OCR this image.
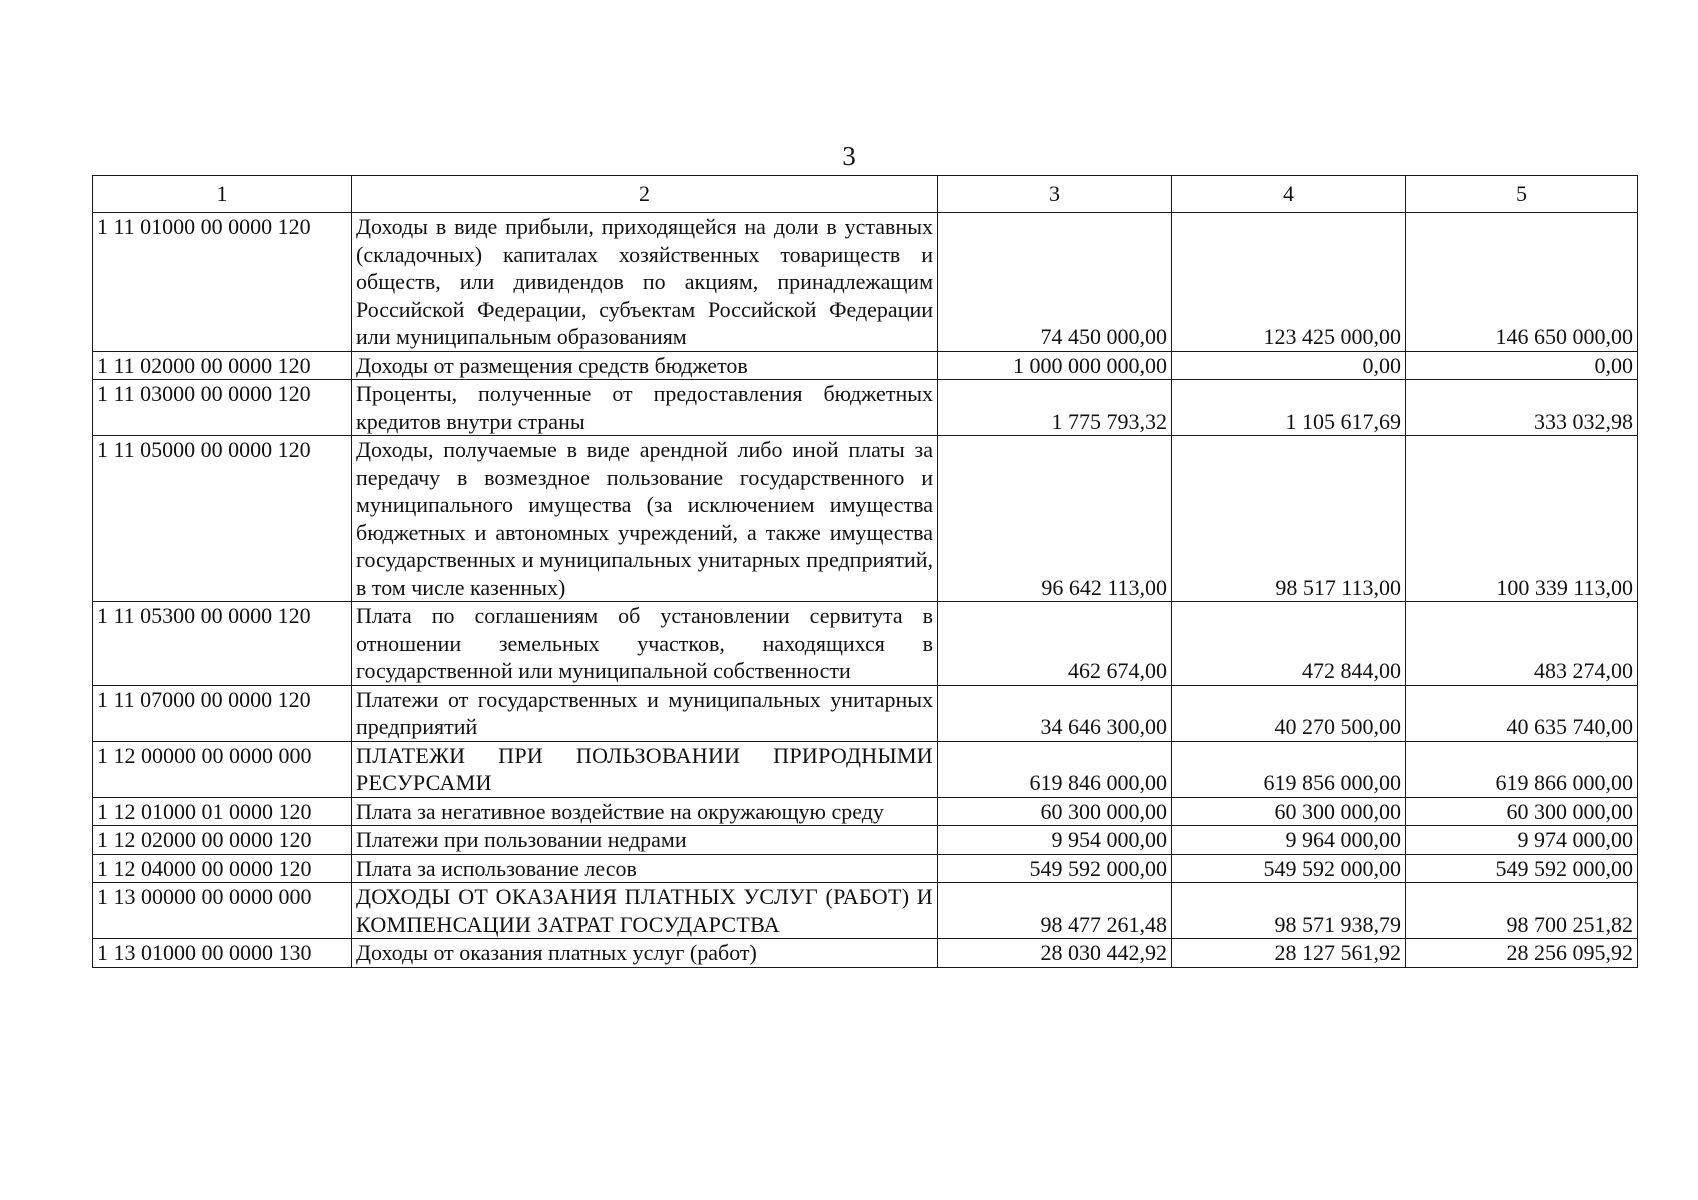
3
1	2	3	4	5
1 11 01000 00 0000 120	Доходы в виде прибыли, приходящейся на доли в уставных (складочных) капиталах хозяйственных товариществ и обществ, или дивидендов по акциям, принадлежащим Российской Федерации, субъектам Российской Федерации или муниципальным образованиям	74 450 000,00	123 425 000,00	146 650 000,00
1 11 02000 00 0000 120	Доходы от размещения средств бюджетов	1 000 000 000,00	0,00	0,00
1 11 03000 00 0000 120	Проценты, полученные от предоставления бюджетных кредитов внутри страны	1 775 793,32	1 105 617,69	333 032,98
1 11 05000 00 0000 120	Доходы, получаемые в виде арендной либо иной платы за передачу в возмездное пользование государственного и муниципального имущества (за исключением имущества бюджетных и автономных учреждений, а также имущества государственных и муниципальных унитарных предприятий, в том числе казенных)	96 642 113,00	98 517 113,00	100 339 113,00
1 11 05300 00 0000 120	Плата по соглашениям об установлении сервитута в отношении земельных участков, находящихся в государственной или муниципальной собственности	462 674,00	472 844,00	483 274,00
1 11 07000 00 0000 120	Платежи от государственных и муниципальных унитарных предприятий	34 646 300,00	40 270 500,00	40 635 740,00
1 12 00000 00 0000 000	ПЛАТЕЖИ ПРИ ПОЛЬЗОВАНИИ ПРИРОДНЫМИ РЕСУРСАМИ	619 846 000,00	619 856 000,00	619 866 000,00
1 12 01000 01 0000 120	Плата за негативное воздействие на окружающую среду	60 300 000,00	60 300 000,00	60 300 000,00
1 12 02000 00 0000 120	Платежи при пользовании недрами	9 954 000,00	9 964 000,00	9 974 000,00
1 12 04000 00 0000 120	Плата за использование лесов	549 592 000,00	549 592 000,00	549 592 000,00
1 13 00000 00 0000 000	ДОХОДЫ ОТ ОКАЗАНИЯ ПЛАТНЫХ УСЛУГ (РАБОТ) И КОМПЕНСАЦИИ ЗАТРАТ ГОСУДАРСТВА	98 477 261,48	98 571 938,79	98 700 251,82
1 13 01000 00 0000 130	Доходы от оказания платных услуг (работ)	28 030 442,92	28 127 561,92	28 256 095,92
